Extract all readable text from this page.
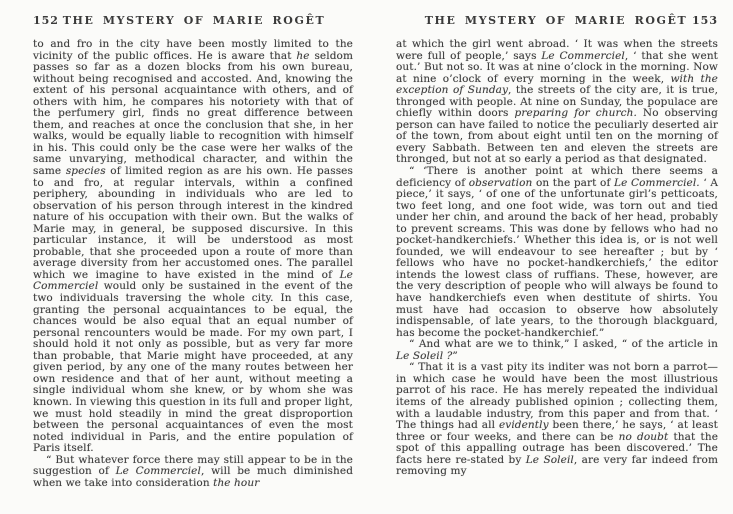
152 THE MYSTERY OF MARIE ROGÊT

to and fro in the city have been mostly limited to the vicinity of the public offices. He is aware that he seldom passes so far as a dozen blocks from his own bureau, without being recognised and accosted. And, knowing the extent of his personal acquaintance with others, and of others with him, he compares his notoriety with that of the perfumery girl, finds no great difference between them, and reaches at once the conclusion that she, in her walks, would be equally liable to recognition with himself in his. This could only be the case were her walks of the same unvarying, methodical character, and within the same species of limited region as are his own. He passes to and fro, at regular intervals, within a confined periphery, abounding in individuals who are led to observation of his person through interest in the kindred nature of his occupation with their own. But the walks of Marie may, in general, be supposed discursive. In this particular instance, it will be understood as most probable, that she proceeded upon a route of more than average diversity from her accustomed ones. The parallel which we imagine to have existed in the mind of Le Commerciel would only be sustained in the event of the two individuals traversing the whole city. In this case, granting the personal acquaintances to be equal, the chances would be also equal that an equal number of personal rencounters would be made. For my own part, I should hold it not only as possible, but as very far more than probable, that Marie might have proceeded, at any given period, by any one of the many routes between her own residence and that of her aunt, without meeting a single individual whom she knew, or by whom she was known. In viewing this question in its full and proper light, we must hold steadily in mind the great disproportion between the personal acquaintances of even the most noted individual in Paris, and the entire population of Paris itself.

“ But whatever force there may still appear to be in the suggestion of Le Commerciel, will be much diminished when we take into consideration the hour

THE MYSTERY OF MARIE ROGÊT 153

at which the girl went abroad. ‘ It was when the streets were full of people,’ says Le Commerciel, ‘ that she went out.’ But not so. It was at nine o’clock in the morning. Now at nine o’clock of every morning in the week, with the exception of Sunday, the streets of the city are, it is true, thronged with people. At nine on Sunday, the populace are chiefly within doors preparing for church. No observing person can have failed to notice the peculiarly deserted air of the town, from about eight until ten on the morning of every Sabbath. Between ten and eleven the streets are thronged, but not at so early a period as that designated.

“ ‘There is another point at which there seems a deficiency of observation on the part of Le Commerciel. ‘ A piece,’ it says, ‘ of one of the unfortunate girl’s petticoats, two feet long, and one foot wide, was torn out and tied under her chin, and around the back of her head, probably to prevent screams. This was done by fellows who had no pocket-handkerchiefs.’ Whether this idea is, or is not well founded, we will endeavour to see hereafter ; but by ‘ fellows who have no pocket-handkerchiefs,’ the editor intends the lowest class of ruffians. These, however, are the very description of people who will always be found to have handkerchiefs even when destitute of shirts. You must have had occasion to observe how absolutely indispensable, of late years, to the thorough blackguard, has become the pocket-handkerchief.”

“ And what are we to think,” I asked, “ of the article in Le Soleil ?”

“ That it is a vast pity its inditer was not born a parrot—in which case he would have been the most illustrious parrot of his race. He has merely repeated the individual items of the already published opinion ; collecting them, with a laudable industry, from this paper and from that. ‘ The things had all evidently been there,’ he says, ‘ at least three or four weeks, and there can be no doubt that the spot of this appalling outrage has been discovered.’ The facts here re-stated by Le Soleil, are very far indeed from removing my
